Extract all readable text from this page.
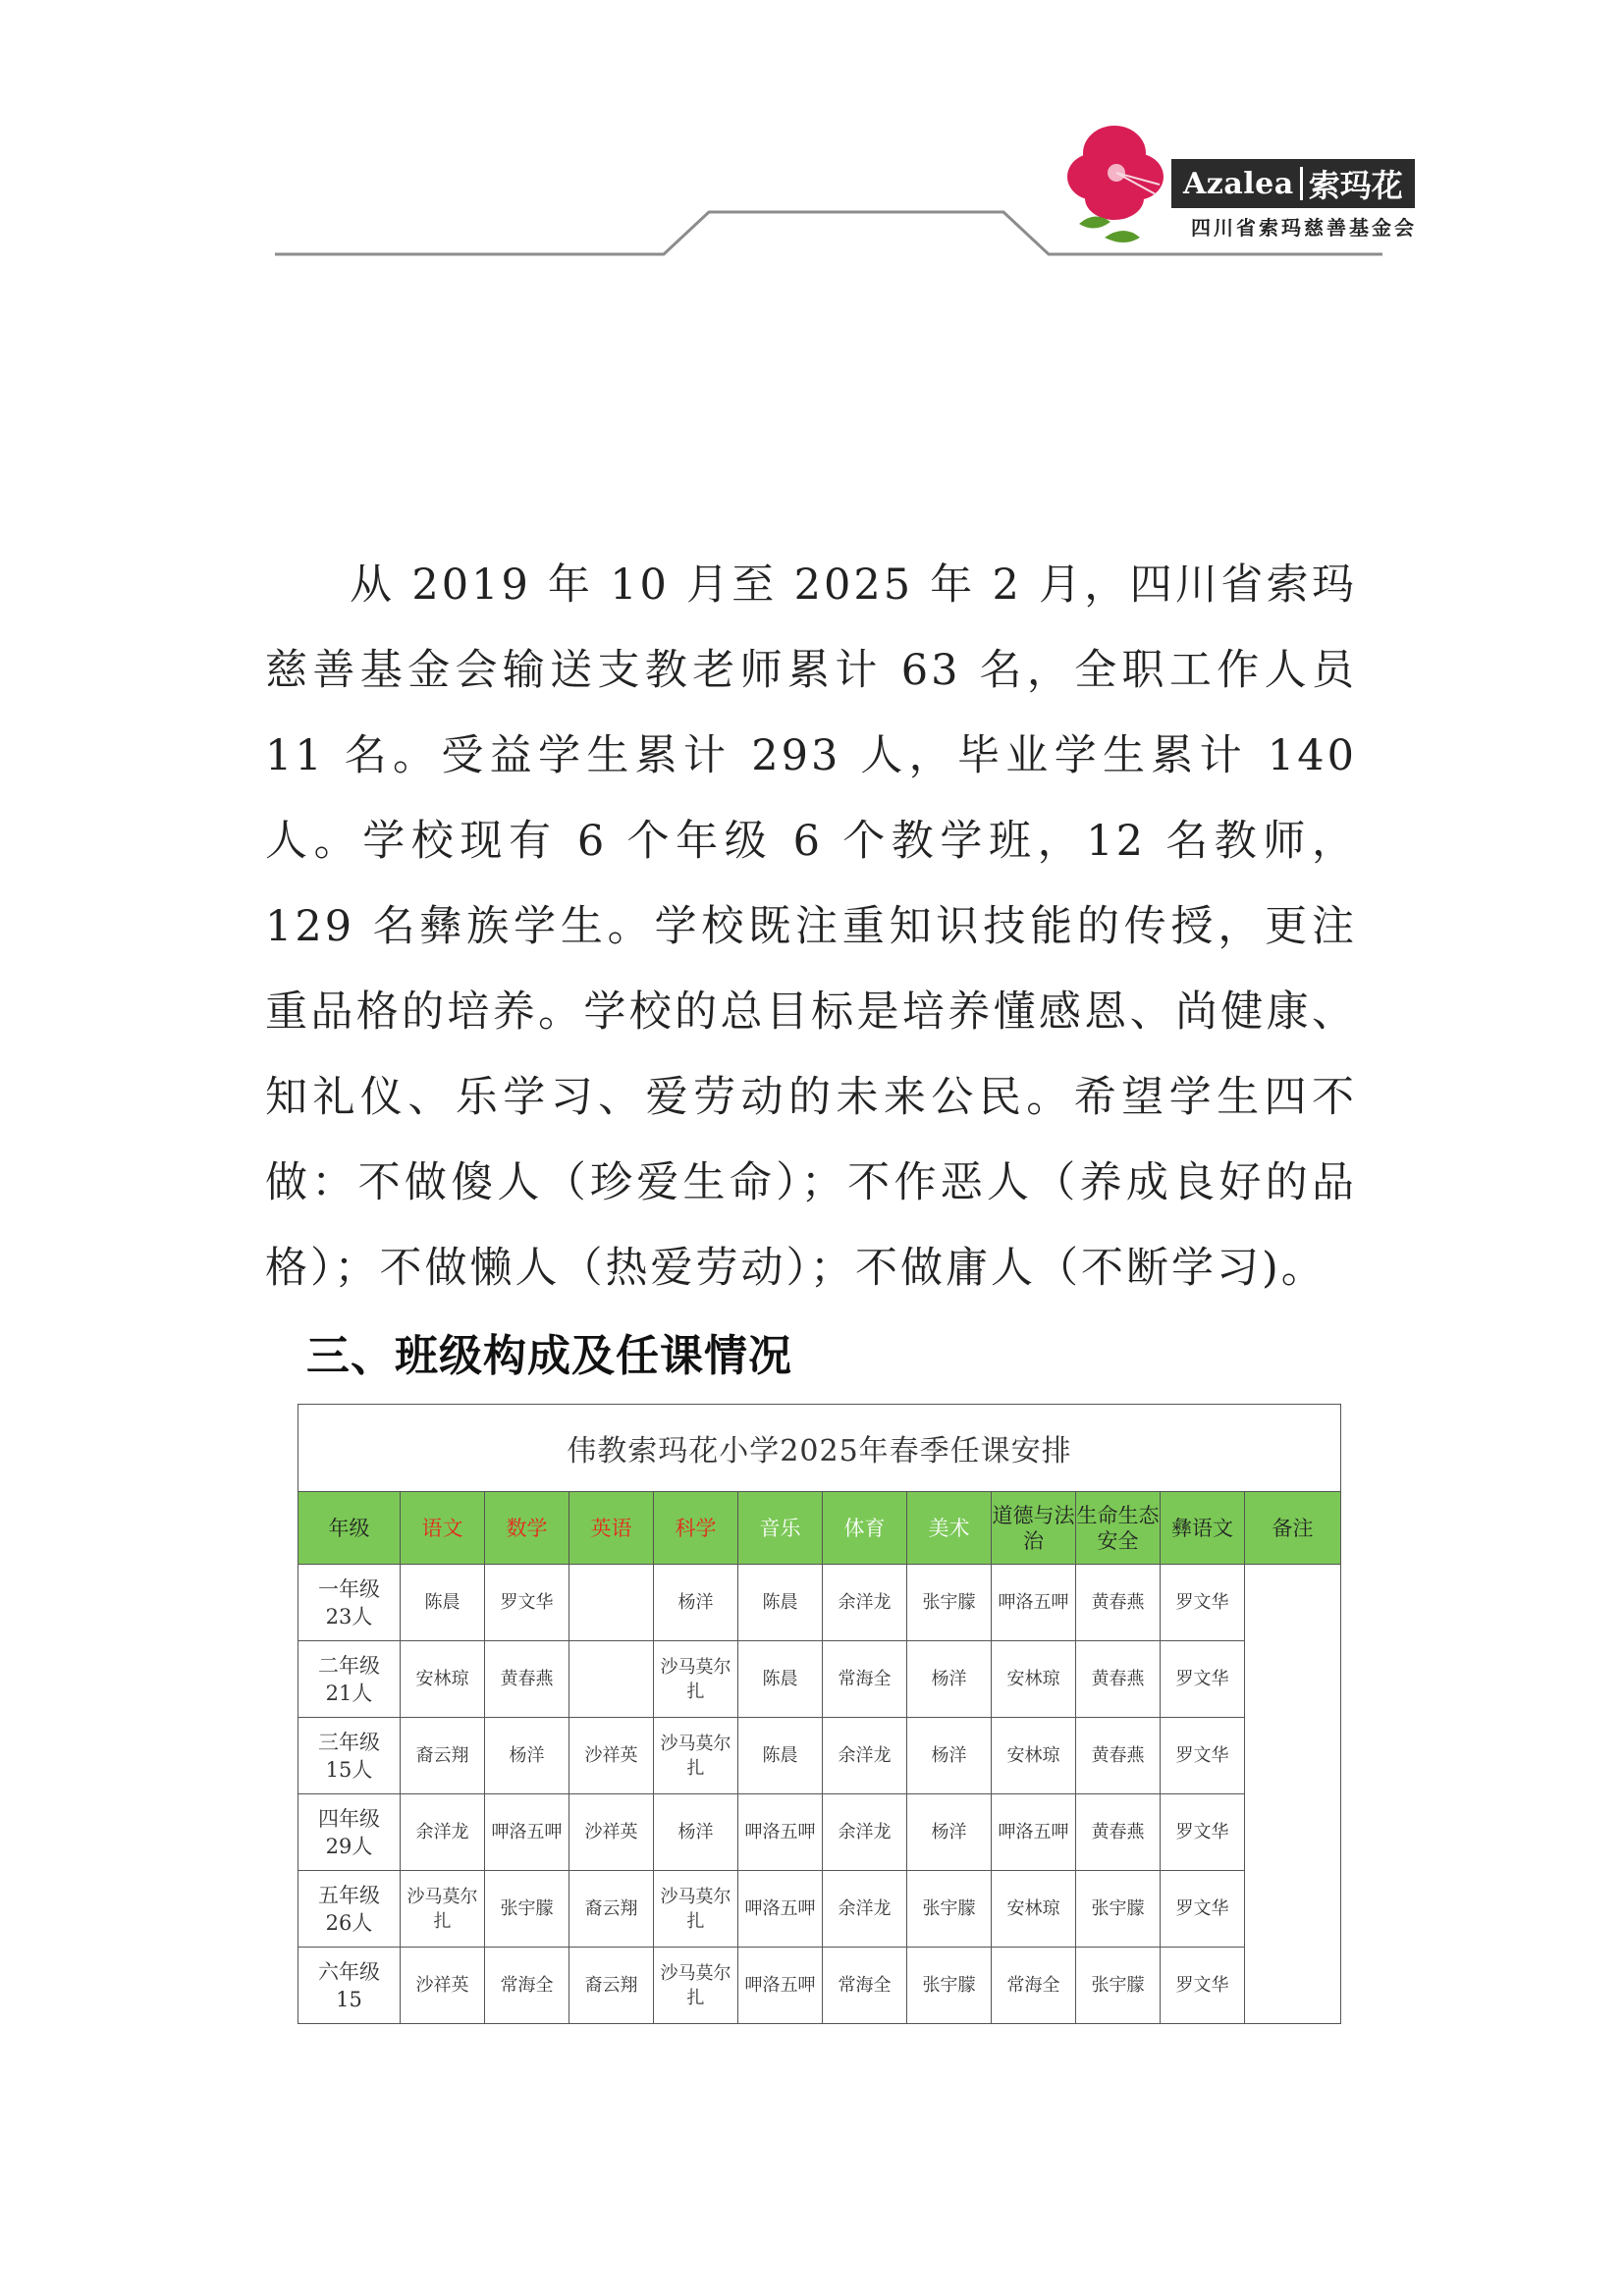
Azalea 索玛花
四川省索玛慈善基金会

从 2019 年 10 月至 2025 年 2 月，四川省索玛慈善基金会输送支教老师累计 63 名，全职工作人员 11 名。受益学生累计 293 人，毕业学生累计 140 人。学校现有 6 个年级 6 个教学班，12 名教师，129 名彝族学生。学校既注重知识技能的传授，更注重品格的培养。学校的总目标是培养懂感恩、尚健康、知礼仪、乐学习、爱劳动的未来公民。希望学生四不做：不做傻人（珍爱生命）；不作恶人（养成良好的品格）；不做懒人（热爱劳动）；不做庸人（不断学习)。

三、班级构成及任课情况
伟教索玛花小学2025年春季任课安排											
年级	语文	数学	英语	科学	音乐	体育	美术	道德与法治	生命生态安全	彝语文	备注

一年级
23人	陈晨	罗文华		杨洋	陈晨	余洋龙	张宇朦	呷洛五呷	黄春燕	罗文华	

二年级
21人	安林琼	黄春燕		沙马莫尔扎	陈晨	常海全	杨洋	安林琼	黄春燕	罗文华	

三年级
15人	裔云翔	杨洋	沙祥英	沙马莫尔扎	陈晨	余洋龙	杨洋	安林琼	黄春燕	罗文华	

四年级
29人	余洋龙	呷洛五呷	沙祥英	杨洋	呷洛五呷	余洋龙	杨洋	呷洛五呷	黄春燕	罗文华	

五年级
26人	沙马莫尔扎	张宇朦	裔云翔	沙马莫尔扎	呷洛五呷	余洋龙	张宇朦	安林琼	张宇朦	罗文华	

六年级
15	沙祥英	常海全	裔云翔	沙马莫尔扎	呷洛五呷	常海全	张宇朦	常海全	张宇朦	罗文华	
